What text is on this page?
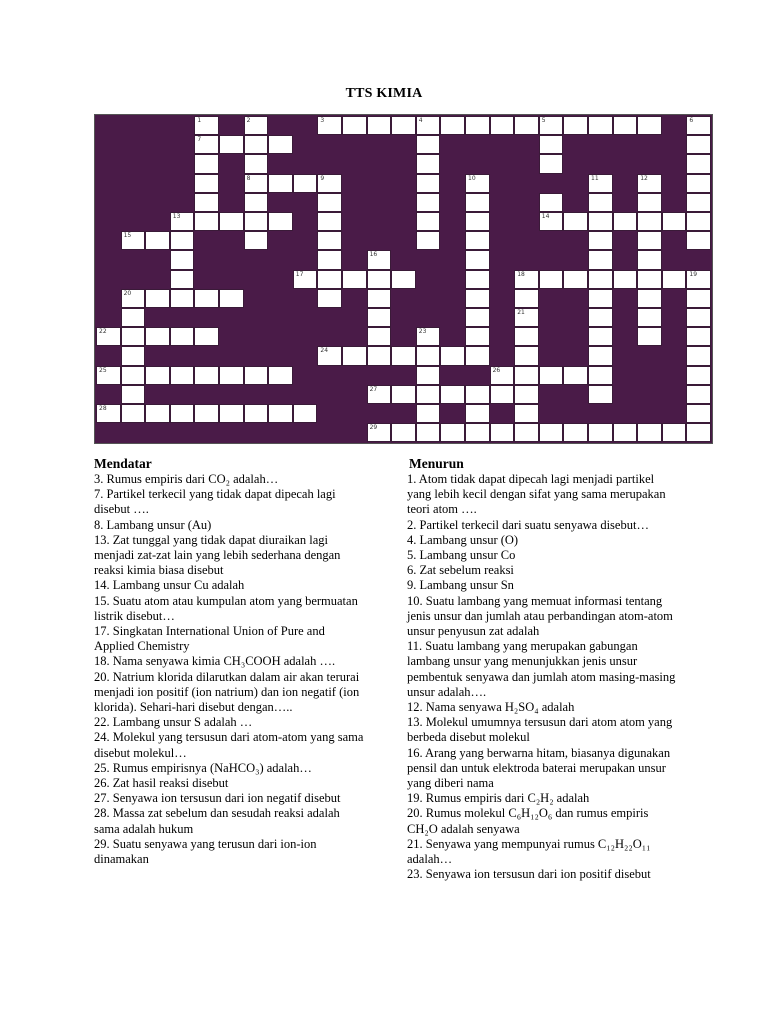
TTS KIMIA
1	2	3	4	5	6
7
8	9	10	11	12
13	14
15
16
17	18	19
20
21
22	23
24
25	26
27
28
29
Mendatar

3. Rumus empiris dari CO₂ adalah…

7. Partikel terkecil yang tidak dapat dipecah lagi disebut ….

8. Lambang unsur (Au)

13. Zat tunggal yang tidak dapat diuraikan lagi menjadi zat-zat lain yang lebih sederhana dengan reaksi kimia biasa disebut

14. Lambang unsur Cu adalah

15. Suatu atom atau kumpulan atom yang bermuatan listrik disebut…

17. Singkatan International Union of Pure and Applied Chemistry

18. Nama senyawa kimia CH₃COOH adalah ….

20. Natrium klorida dilarutkan dalam air akan terurai menjadi ion positif (ion natrium) dan ion negatif (ion klorida). Sehari-hari disebut dengan…..

22. Lambang unsur S adalah …

24. Molekul yang tersusun dari atom-atom yang sama disebut molekul…

25. Rumus empirisnya (NaHCO₃) adalah…

26. Zat hasil reaksi disebut

27. Senyawa ion tersusun dari ion negatif disebut

28. Massa zat sebelum dan sesudah reaksi adalah sama adalah hukum

29. Suatu senyawa yang terusun dari ion-ion dinamakan

Menurun

1. Atom tidak dapat dipecah lagi menjadi partikel yang lebih kecil dengan sifat yang sama merupakan teori atom ….

2. Partikel terkecil dari suatu senyawa disebut…

4. Lambang unsur (O)

5. Lambang unsur Co

6. Zat sebelum reaksi

9. Lambang unsur Sn

10. Suatu lambang yang memuat informasi tentang jenis unsur dan jumlah atau perbandingan atom-atom unsur penyusun zat adalah

11. Suatu lambang yang merupakan gabungan lambang unsur yang menunjukkan jenis unsur pembentuk senyawa dan jumlah atom masing-masing unsur adalah….

12. Nama senyawa H₂SO₄ adalah

13. Molekul umumnya tersusun dari atom atom yang berbeda disebut molekul

16. Arang yang berwarna hitam, biasanya digunakan pensil dan untuk elektroda baterai merupakan unsur yang diberi nama

19. Rumus empiris dari C₂H₂ adalah

20. Rumus molekul C₆H₁₂O₆ dan rumus empiris CH₂O adalah senyawa

21. Senyawa yang mempunyai rumus C₁₂H₂₂O₁₁ adalah…

23. Senyawa ion tersusun dari ion positif disebut
